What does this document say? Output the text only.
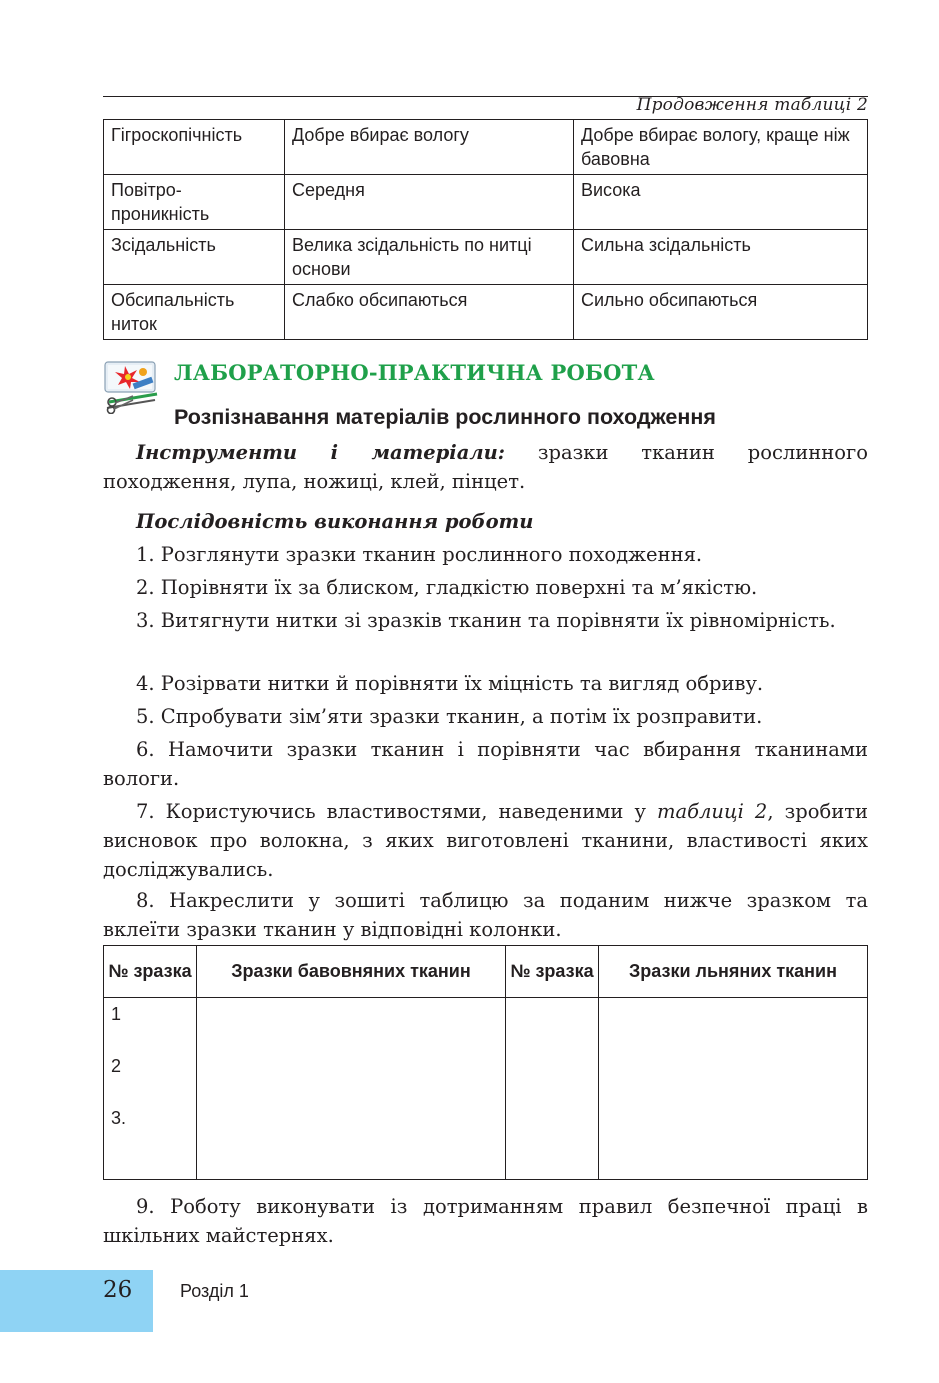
Продовження таблиці 2
Гігроскопічність	Добре вбирає вологу	Добре вбирає вологу, краще ніж бавовна
Повітро-проникність	Середня	Висока
Зсідальність	Велика зсідальність по нитці основи	Сильна зсідальність
Обсипальність ниток	Слабко обсипаються	Сильно обсипаються
ЛАБОРАТОРНО-ПРАКТИЧНА РОБОТА
Розпізнавання матеріалів рослинного походження
Інструменти і матеріали: зразки тканин рослинного походження, лупа, ножиці, клей, пінцет.
Послідовність виконання роботи
1. Розглянути зразки тканин рослинного походження.
2. Порівняти їх за блиском, гладкістю поверхні та м’якістю.
3. Витягнути нитки зі зразків тканин та порівняти їх рівномірність.
4. Розірвати нитки й порівняти їх міцність та вигляд обриву.
5. Спробувати зім’яти зразки тканин, а потім їх розправити.
6. Намочити зразки тканин і порівняти час вбирання тканинами вологи.
7. Користуючись властивостями, наведеними у таблиці 2, зробити висновок про волокна, з яких виготовлені тканини, властивості яких досліджувались.
8. Накреслити у зошиті таблицю за поданим нижче зразком та вклеїти зразки тканин у відповідні колонки.
№ зразка	Зразки бавовняних тканин	№ зразка	Зразки льняних тканин

1
2
3.			

9. Роботу виконувати із дотриманням правил безпечної праці в шкільних майстернях.
26	Розділ 1
